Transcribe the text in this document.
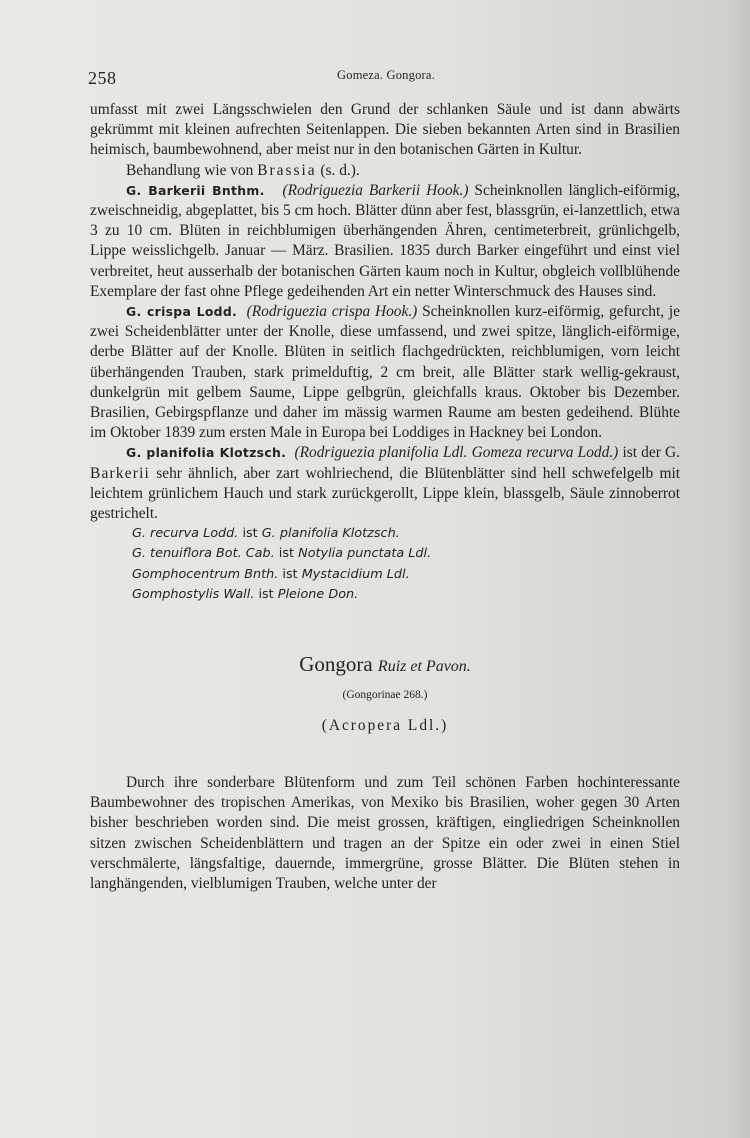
258	Gomeza. Gongora.

umfasst mit zwei Längsschwielen den Grund der schlanken Säule und ist dann abwärts gekrümmt mit kleinen aufrechten Seitenlappen. Die sieben bekannten Arten sind in Brasilien heimisch, baumbewohnend, aber meist nur in den botanischen Gärten in Kultur.

Behandlung wie von Brassia (s. d.).

G. Barkerii Bnthm. (Rodriguezia Barkerii Hook.) Scheinknollen länglich-eiförmig, zweischneidig, abgeplattet, bis 5 cm hoch. Blätter dünn aber fest, blassgrün, ei-lanzettlich, etwa 3 zu 10 cm. Blüten in reichblumigen überhängenden Ähren, centimeterbreit, grünlichgelb, Lippe weisslichgelb. Januar — März. Brasilien. 1835 durch Barker eingeführt und einst viel verbreitet, heut ausserhalb der botanischen Gärten kaum noch in Kultur, obgleich vollblühende Exemplare der fast ohne Pflege gedeihenden Art ein netter Winterschmuck des Hauses sind.

G. crispa Lodd. (Rodriguezia crispa Hook.) Scheinknollen kurz-eiförmig, gefurcht, je zwei Scheidenblätter unter der Knolle, diese umfassend, und zwei spitze, länglich-eiförmige, derbe Blätter auf der Knolle. Blüten in seitlich flachgedrückten, reichblumigen, vorn leicht überhängenden Trauben, stark primelduftig, 2 cm breit, alle Blätter stark wellig-gekraust, dunkelgrün mit gelbem Saume, Lippe gelbgrün, gleichfalls kraus. Oktober bis Dezember. Brasilien, Gebirgspflanze und daher im mässig warmen Raume am besten gedeihend. Blühte im Oktober 1839 zum ersten Male in Europa bei Loddiges in Hackney bei London.

G. planifolia Klotzsch. (Rodriguezia planifolia Ldl. Gomeza recurva Lodd.) ist der G. Barkerii sehr ähnlich, aber zart wohlriechend, die Blütenblätter sind hell schwefelgelb mit leichtem grünlichem Hauch und stark zurückgerollt, Lippe klein, blassgelb, Säule zinnoberrot gestrichelt.

G. recurva Lodd. ist G. planifolia Klotzsch.
G. tenuiflora Bot. Cab. ist Notylia punctata Ldl.
Gomphocentrum Bnth. ist Mystacidium Ldl.
Gomphostylis Wall. ist Pleione Don.
Gongora Ruiz et Pavon.
(Gongorinae 268.)
(Acropera Ldl.)

Durch ihre sonderbare Blütenform und zum Teil schönen Farben hochinteressante Baumbewohner des tropischen Amerikas, von Mexiko bis Brasilien, woher gegen 30 Arten bisher beschrieben worden sind. Die meist grossen, kräftigen, eingliedrigen Scheinknollen sitzen zwischen Scheidenblättern und tragen an der Spitze ein oder zwei in einen Stiel verschmälerte, längsfaltige, dauernde, immergrüne, grosse Blätter. Die Blüten stehen in langhängenden, vielblumigen Trauben, welche unter der
